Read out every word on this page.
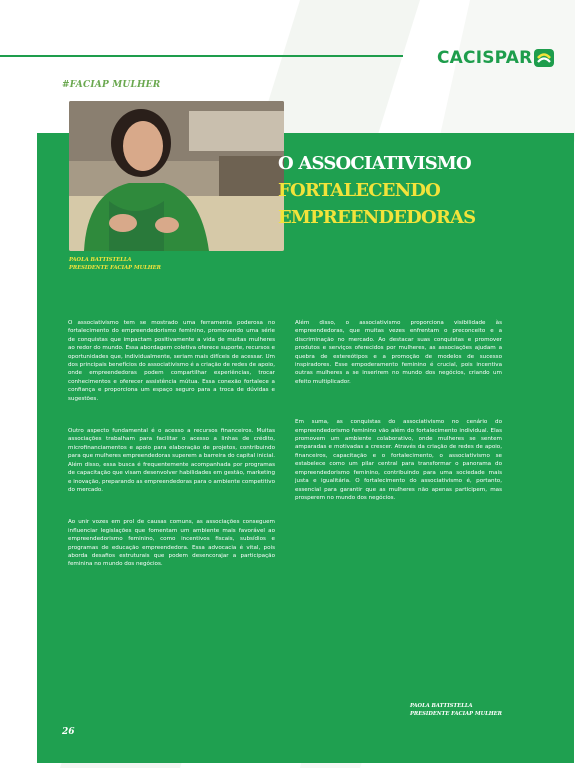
CACISPAR
#FACIAP MULHER
O ASSOCIATIVISMO
FORTALECENDO
EMPREENDEDORAS
PAOLA BATTISTELLA
PRESIDENTE FACIAP MULHER

O associativismo tem se mostrado uma ferramenta poderosa no fortalecimento do empreendedorismo feminino, promovendo uma série de conquistas que impactam positivamente a vida de muitas mulheres ao redor do mundo. Essa abordagem coletiva oferece suporte, recursos e oportunidades que, individualmente, seriam mais difíceis de acessar. Um dos principais benefícios do associativismo é a criação de redes de apoio, onde empreendedoras podem compartilhar experiências, trocar conhecimentos e oferecer assistência mútua. Essa conexão fortalece a confiança e proporciona um espaço seguro para a troca de dúvidas e sugestões.

Outro aspecto fundamental é o acesso a recursos financeiros. Muitas associações trabalham para facilitar o acesso a linhas de crédito, microfinanciamentos e apoio para elaboração de projetos, contribuindo para que mulheres empreendedoras superem a barreira do capital inicial. Além disso, essa busca é frequentemente acompanhada por programas de capacitação que visam desenvolver habilidades em gestão, marketing e inovação, preparando as empreendedoras para o ambiente competitivo do mercado.

Ao unir vozes em prol de causas comuns, as associações conseguem influenciar legislações que fomentam um ambiente mais favorável ao empreendedorismo feminino, como incentivos fiscais, subsídios e programas de educação empreendedora. Essa advocacia é vital, pois aborda desafios estruturais que podem desencorajar a participação feminina no mundo dos negócios.

Além disso, o associativismo proporciona visibilidade às empreendedoras, que muitas vezes enfrentam o preconceito e a discriminação no mercado. Ao destacar suas conquistas e promover produtos e serviços oferecidos por mulheres, as associações ajudam a quebra de estereótipos e a promoção de modelos de sucesso inspiradores. Esse empoderamento feminino é crucial, pois incentiva outras mulheres a se inserirem no mundo dos negócios, criando um efeito multiplicador.

Em suma, as conquistas do associativismo no cenário do empreendedorismo feminino vão além do fortalecimento individual. Elas promovem um ambiente colaborativo, onde mulheres se sentem amparadas e motivadas a crescer. Através da criação de redes de apoio, financeiros, capacitação e o fortalecimento, o associativismo se estabelece como um pilar central para transformar o panorama do empreendedorismo feminino, contribuindo para uma sociedade mais justa e igualitária. O fortalecimento do associativismo é, portanto, essencial para garantir que as mulheres não apenas participem, mas prosperem no mundo dos negócios.

PAOLA BATTISTELLA
PRESIDENTE FACIAP MULHER
26
